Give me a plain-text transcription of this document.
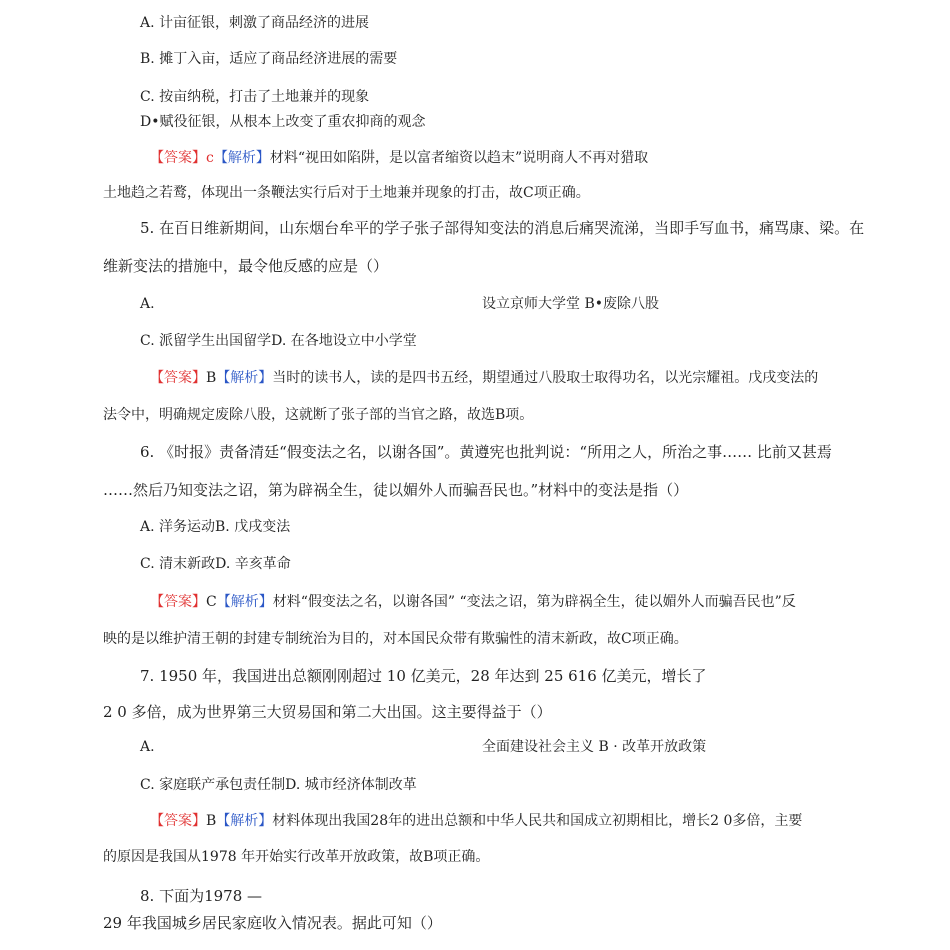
A. 计亩征银，刺激了商品经济的进展
B. 摊丁入亩，适应了商品经济进展的需要
C. 按亩纳税，打击了土地兼并的现象
D•赋役征银，从根本上改变了重农抑商的观念
【答案】c【解析】材料“视田如陷阱，是以富者缩资以趋末”说明商人不再对猎取
土地趋之若鹜，体现出一条鞭法实行后对于土地兼并现象的打击，故C项正确。
5. 在百日维新期间，山东烟台牟平的学子张子部得知变法的消息后痛哭流涕，当即手写血书，痛骂康、梁。在
维新变法的措施中，最令他反感的应是（）
A.	设立京师大学堂 B•废除八股
C. 派留学生出国留学D. 在各地设立中小学堂
【答案】B【解析】当时的读书人，读的是四书五经，期望通过八股取士取得功名，以光宗耀祖。戊戌变法的
法令中，明确规定废除八股，这就断了张子部的当官之路，故选B项。
6. 《时报》责备清廷“假变法之名，以谢各国”。黄遵宪也批判说：“所用之人，所治之事…… 比前又甚焉
……然后乃知变法之诏，第为辟祸全生，徒以媚外人而骗吾民也。”材料中的变法是指（）
A. 洋务运动B. 戊戌变法
C. 清末新政D. 辛亥革命
【答案】C【解析】材料“假变法之名，以谢各国” “变法之诏，第为辟祸全生，徒以媚外人而骗吾民也”反
映的是以维护清王朝的封建专制统治为目的，对本国民众带有欺骗性的清末新政，故C项正确。
7. 1950 年，我国进出总额刚刚超过 10 亿美元，28 年达到 25 616 亿美元，增长了
2 0 多倍，成为世界第三大贸易国和第二大出国。这主要得益于（）
A.	全面建设社会主义 B · 改革开放政策
C. 家庭联产承包责任制D. 城市经济体制改革
【答案】B【解析】材料体现出我国28年的进出总额和中华人民共和国成立初期相比，增长2 0多倍，主要
的原因是我国从1978 年开始实行改革开放政策，故B项正确。
8. 下面为1978 —
29 年我国城乡居民家庭收入情况表。据此可知（）
